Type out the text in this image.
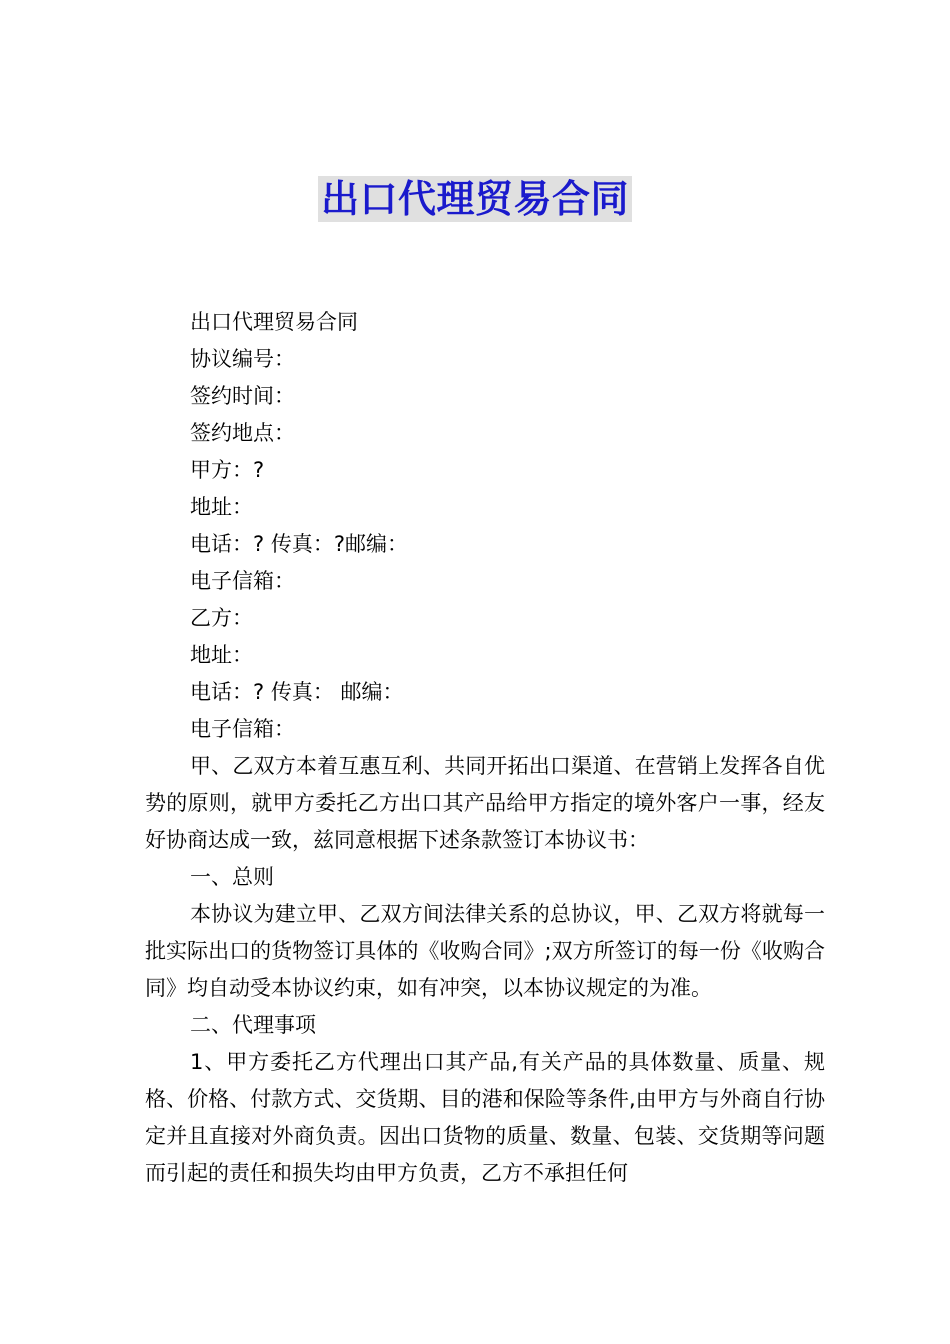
出口代理贸易合同

出口代理贸易合同

协议编号：

签约时间：

签约地点：

甲方：?

地址：

电话：? 传真：?邮编：

电子信箱：

乙方：

地址：

电话：? 传真： 邮编：

电子信箱：

甲、乙双方本着互惠互利、共同开拓出口渠道、在营销上发挥各自优势的原则，就甲方委托乙方出口其产品给甲方指定的境外客户一事，经友好协商达成一致，兹同意根据下述条款签订本协议书：

一、总则

本协议为建立甲、乙双方间法律关系的总协议，甲、乙双方将就每一批实际出口的货物签订具体的《收购合同》;双方所签订的每一份《收购合同》均自动受本协议约束，如有冲突，以本协议规定的为准。

二、代理事项

1、甲方委托乙方代理出口其产品,有关产品的具体数量、质量、规格、价格、付款方式、交货期、目的港和保险等条件,由甲方与外商自行协定并且直接对外商负责。因出口货物的质量、数量、包装、交货期等问题而引起的责任和损失均由甲方负责，乙方不承担任何
